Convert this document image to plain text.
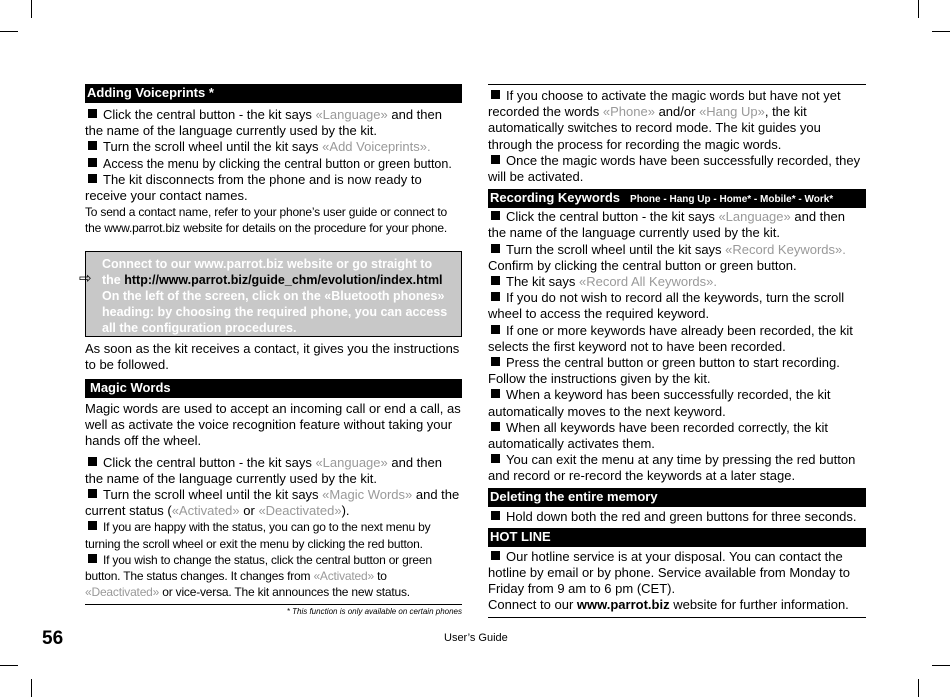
Adding Voiceprints *

Click the central button - the kit says «Language» and then the name of the language currently used by the kit.

Turn the scroll wheel until the kit says «Add Voiceprints».

Access the menu by clicking the central button or green button.

The kit disconnects from the phone and is now ready to receive your contact names.

To send a contact name, refer to your phone’s user guide or connect to the www.parrot.biz website for details on the procedure for your phone.

⇨
Connect to our www.parrot.biz website or go straight to
the http://www.parrot.biz/guide_chm/evolution/index.html
On the left of the screen, click on the «Bluetooth phones» heading: by choosing the required phone, you can access all the configuration procedures.

As soon as the kit receives a contact, it gives you the instructions to be followed.

Magic Words

Magic words are used to accept an incoming call or end a call, as well as activate the voice recognition feature without taking your hands off the wheel.

Click the central button - the kit says «Language» and then the name of the language currently used by the kit.

Turn the scroll wheel until the kit says «Magic Words» and the current status («Activated» or «Deactivated»).

If you are happy with the status, you can go to the next menu by turning the scroll wheel or exit the menu by clicking the red button.

If you wish to change the status, click the central button or green button. The status changes. It changes from «Activated» to «Deactivated» or vice-versa. The kit announces the new status.

* This function is only available on certain phones

If you choose to activate the magic words but have not yet recorded the words «Phone» and/or «Hang Up», the kit automatically switches to record mode. The kit guides you through the process for recording the magic words.

Once the magic words have been successfully recorded, they will be activated.

Recording Keywords Phone - Hang Up - Home* - Mobile* - Work*

Click the central button - the kit says «Language» and then the name of the language currently used by the kit.

Turn the scroll wheel until the kit says «Record Keywords». Confirm by clicking the central button or green button.

The kit says «Record All Keywords».

If you do not wish to record all the keywords, turn the scroll wheel to access the required keyword.

If one or more keywords have already been recorded, the kit selects the first keyword not to have been recorded.

Press the central button or green button to start recording. Follow the instructions given by the kit.

When a keyword has been successfully recorded, the kit automatically moves to the next keyword.

When all keywords have been recorded correctly, the kit automatically activates them.

You can exit the menu at any time by pressing the red button and record or re-record the keywords at a later stage.

Deleting the entire memory

Hold down both the red and green buttons for three seconds.

HOT LINE

Our hotline service is at your disposal. You can contact the hotline by email or by phone. Service available from Monday to Friday from 9 am to 6 pm (CET).

Connect to our www.parrot.biz website for further information.

56	User’s Guide
